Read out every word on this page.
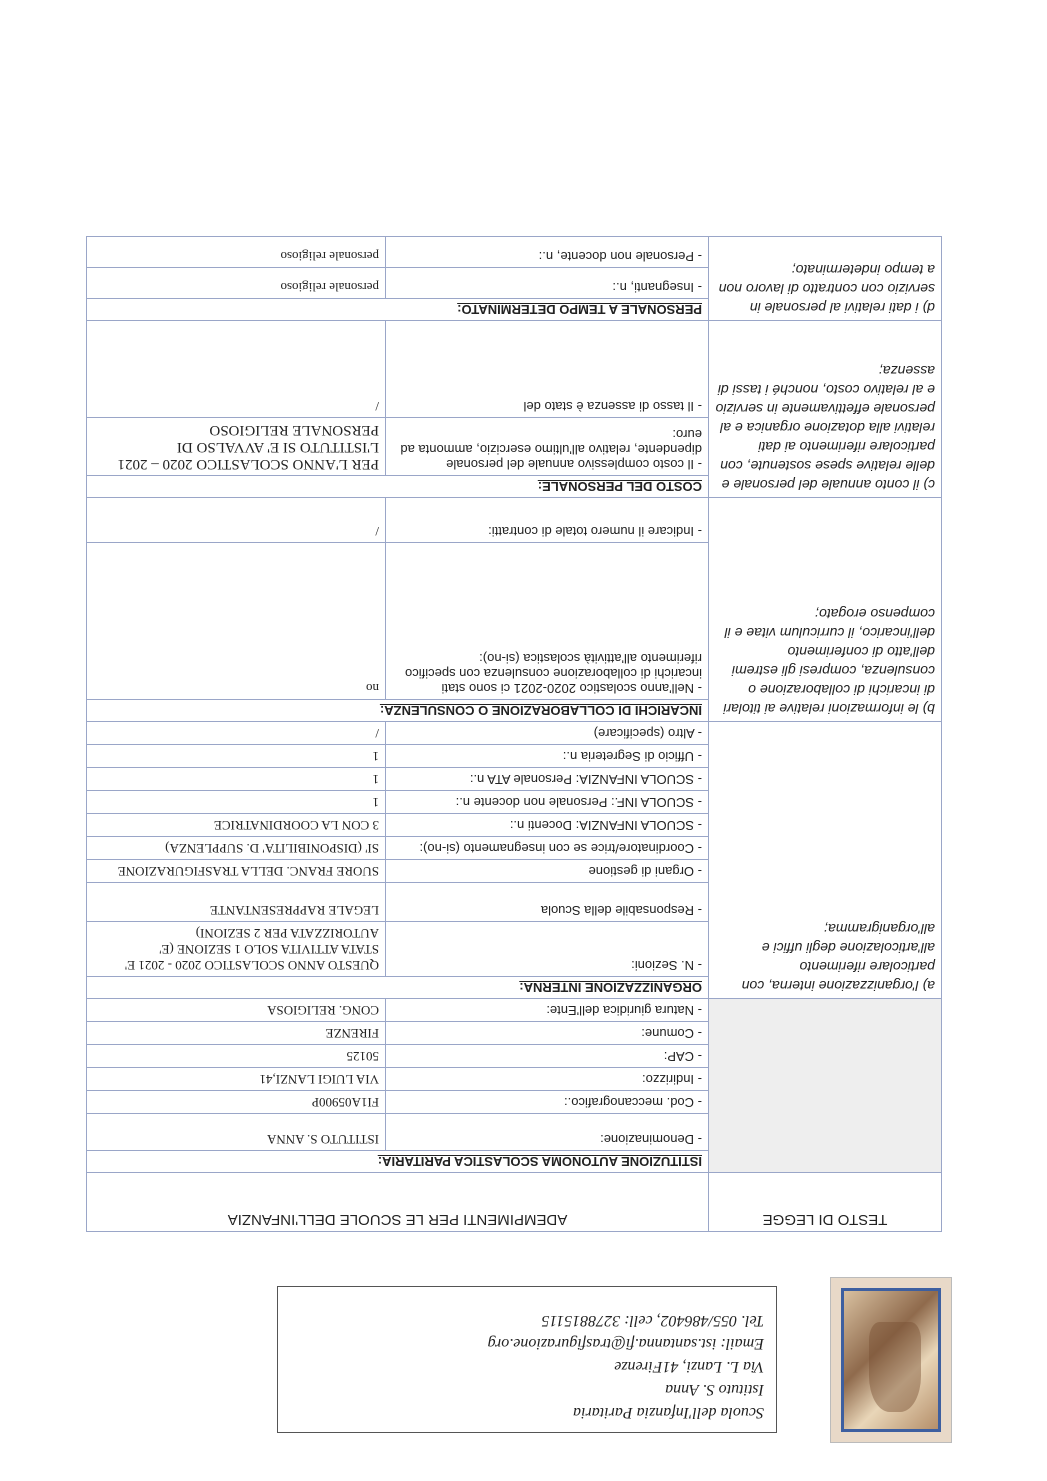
Scuola dell'Infanzia Paritaria
Istituto S. Anna
Via L. Lanzi, 41Firenze
Email: ist.santanna.fi@trasfigurazione.org
Tel. 055/486402, cell: 3278815115
TESTO DI LEGGE	ADEMPIMENTI PER LE SCUOLE DELL'INFANZIA	
	ISTITUZIONE AUTONOMA SCOLASTICA PARITARIA:	
	- Denominazione:	ISTITUTO S. ANNA
	- Cod. meccanografico.:	FI1A05900P
	- Indirizzo:	VIA LUIGI LANZI,41
	- CAP:	50125
	- Comune:	FIRENZE
	- Natura giuridica dell'Ente:	CONG. RELIGIOSA
a) l'organizzazione interna, con particolare riferimento all'articolazione degli uffici e all'organigramma;	ORGANIZZAZIONE INTERNA:	
	- N. Sezioni:	QUESTO ANNO SCOLASTICO 2020 - 2021 E' STATA ATTIVITA SOLO 1 SEZIONE (E' AUTORIZZATA PER 2 SEZIONI)
	- Responsabile della Scuola	LEGALE RAPPRESENTANTE
	- Organi di gestione	SUORE FRANC. DELLA TRASFIGURAZIONE
	- Coordinatore/trice se con insegnamento (si-no):	SI' (DISPONIBILITA' D. SUPPLENZA)
	- SCUOLA INFANZIA: Docenti n.:	3 CON LA COORDINATRICE
	- SCUOLA INF.: Personale non docente n.:	1
	- SCUOLA INFANZIA: Personale ATA n.:	1
	- Ufficio di Segreteria n.:	1
	- Altro (specificare)	/
b) le informazioni relative ai titolari di incarichi di collaborazione o consulenza, compresi gli estremi dell'atto di conferimento dell'incarico, il curriculum vitae e il compenso erogato;	INCARICHI DI COLLABORAZIONE O CONSULENZA:	
	- Nell'anno scolastico 2020-2021 ci sono stati incarichi di collaborazione consulenza con specifico riferimento all'attività scolastica (si-no):	no
	- Indicare il numero totale di contratti:	/
c) il conto annuale del personale e delle relative spese sostenute, con particolare riferimento ai dati relativi alla dotazione organica e al personale effettivamente in servizio e al relativo costo, nonché i tassi di assenza;	COSTO DEL PERSONALE:	
	- Il costo complessivo annuale del personale dipendente, relativo all'ultimo esercizio, ammonta ad euro:	PER L'ANNO SCOLASTICO 2020 – 2021 L'ISTITUTO SI E' AVVALSO DI PERSONALE RELIGIOSO
	- Il tasso di assenza è stato del	/
d) i dati relativi al personale in servizio con contratto di lavoro non a tempo indeterminato;	PERSONALE A TEMPO DETERMINATO:	
	- Insegnanti, n.:	personale religioso
	- Personale non docente, n.:	personale religioso
